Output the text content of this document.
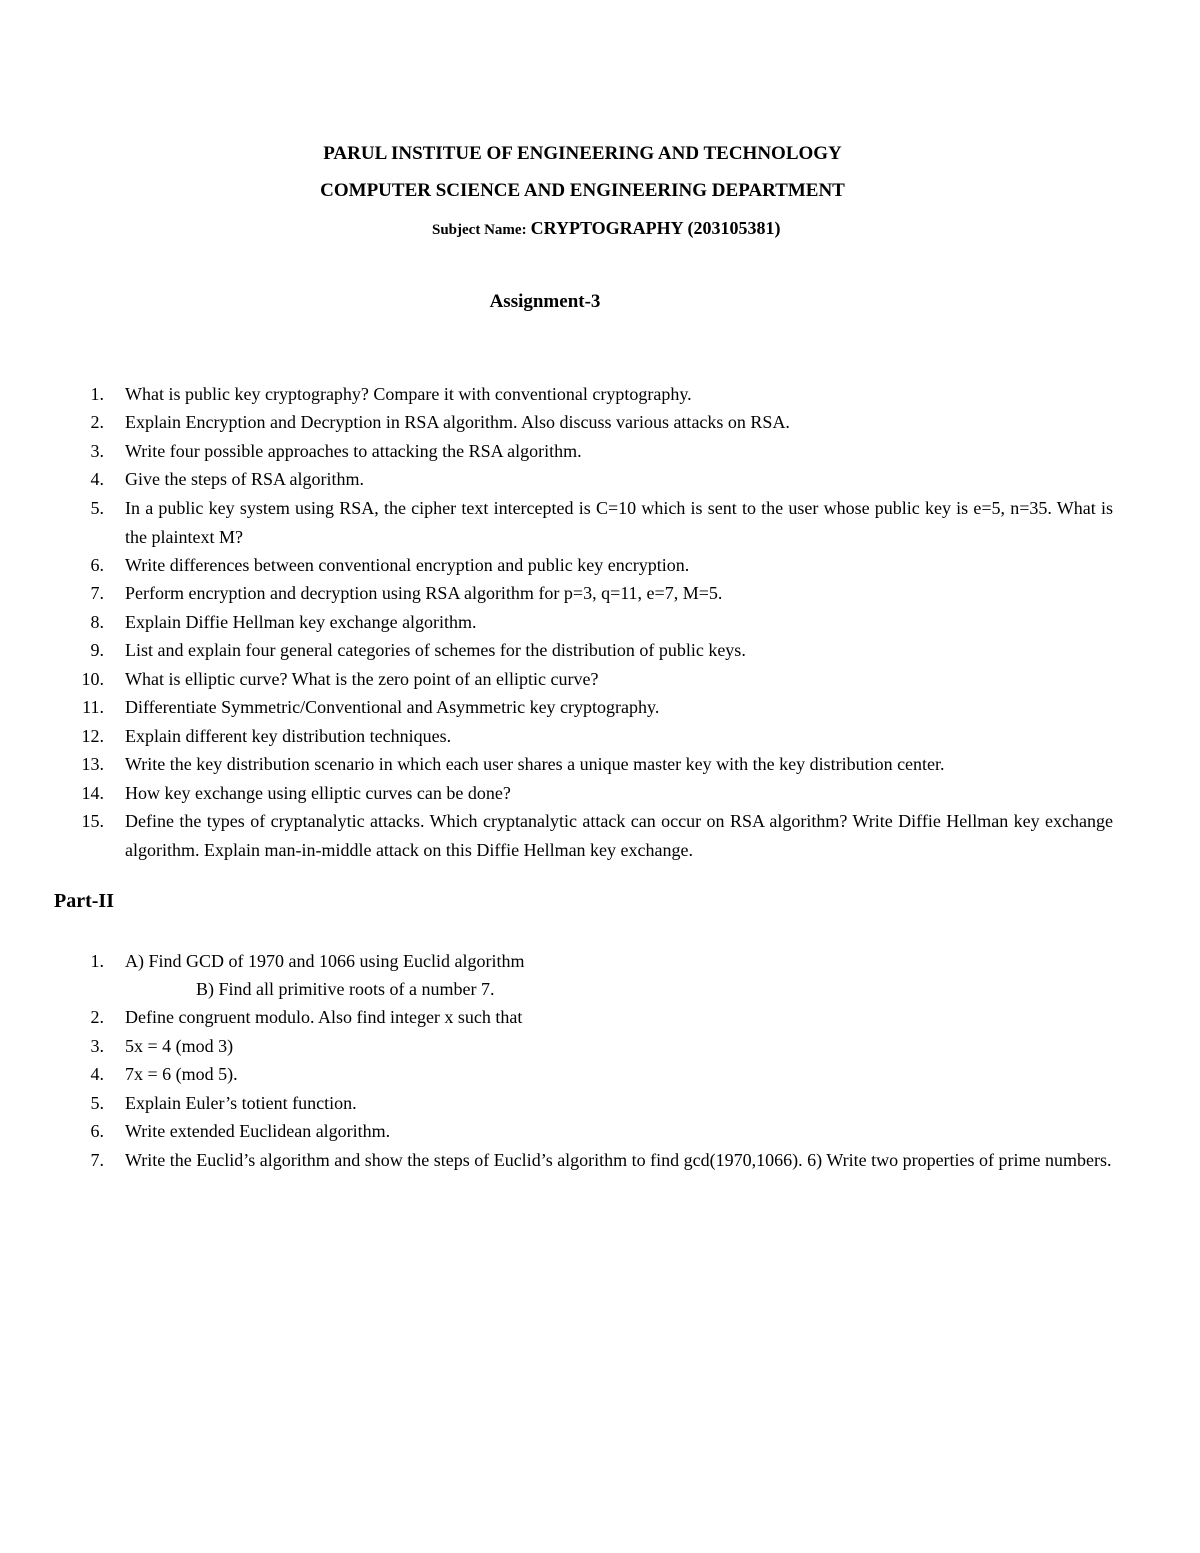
PARUL INSTITUE OF ENGINEERING AND TECHNOLOGY
COMPUTER SCIENCE AND ENGINEERING DEPARTMENT
Subject Name: CRYPTOGRAPHY (203105381)
Assignment-3
1. What is public key cryptography? Compare it with conventional cryptography.
2. Explain Encryption and Decryption in RSA algorithm. Also discuss various attacks on RSA.
3. Write four possible approaches to attacking the RSA algorithm.
4. Give the steps of RSA algorithm.
5. In a public key system using RSA, the cipher text intercepted is C=10 which is sent to the user whose public key is e=5, n=35. What is the plaintext M?
6. Write differences between conventional encryption and public key encryption.
7. Perform encryption and decryption using RSA algorithm for p=3, q=11, e=7, M=5.
8. Explain Diffie Hellman key exchange algorithm.
9. List and explain four general categories of schemes for the distribution of public keys.
10. What is elliptic curve? What is the zero point of an elliptic curve?
11. Differentiate Symmetric/Conventional and Asymmetric key cryptography.
12. Explain different key distribution techniques.
13. Write the key distribution scenario in which each user shares a unique master key with the key distribution center.
14. How key exchange using elliptic curves can be done?
15. Define the types of cryptanalytic attacks. Which cryptanalytic attack can occur on RSA algorithm? Write Diffie Hellman key exchange algorithm. Explain man-in-middle attack on this Diffie Hellman key exchange.
Part-II
1. A) Find GCD of 1970 and 1066 using Euclid algorithm
B) Find all primitive roots of a number 7.
2. Define congruent modulo. Also find integer x such that
3. 5x = 4 (mod 3)
4. 7x = 6 (mod 5).
5. Explain Euler’s totient function.
6. Write extended Euclidean algorithm.
7. Write the Euclid’s algorithm and show the steps of Euclid’s algorithm to find gcd(1970,1066). 6) Write two properties of prime numbers.
